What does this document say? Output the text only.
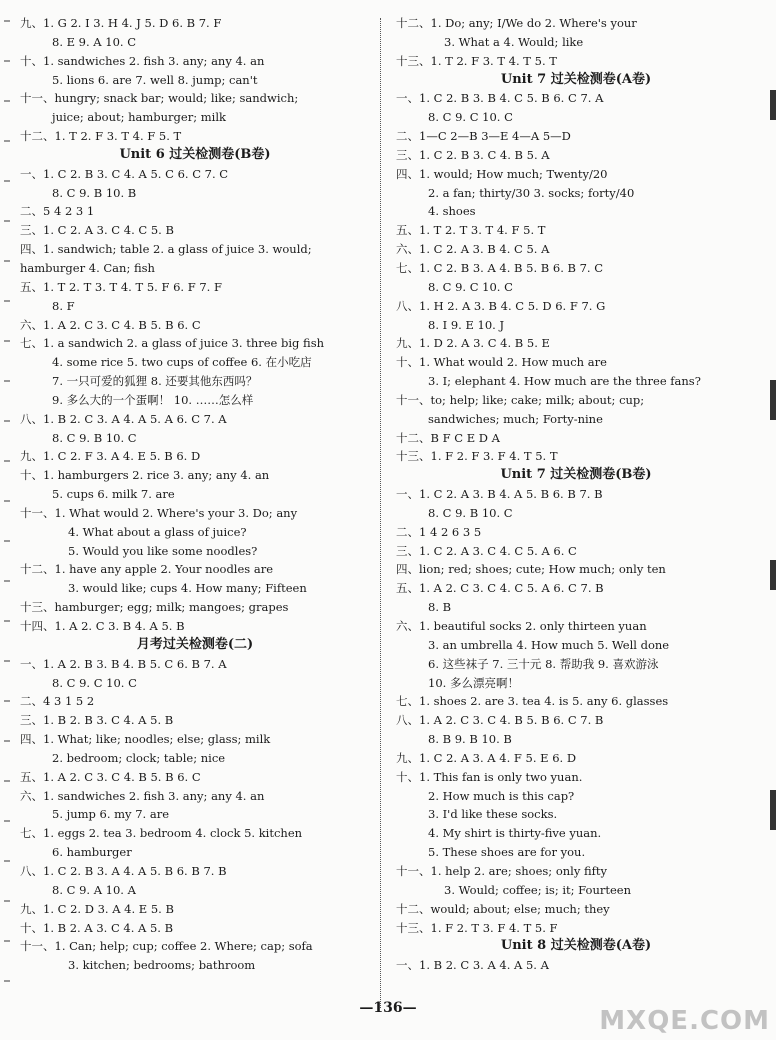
九、1. G 2. I 3. H 4. J 5. D 6. B 7. F
8. E 9. A 10. C
十、1. sandwiches 2. fish 3. any; any 4. an
5. lions 6. are 7. well 8. jump; can't
十一、hungry; snack bar; would; like; sandwich;
juice; about; hamburger; milk
十二、1. T 2. F 3. T 4. F 5. T
Unit 6 过关检测卷(B卷)
一、1. C 2. B 3. C 4. A 5. C 6. C 7. C
8. C 9. B 10. B
二、5 4 2 3 1
三、1. C 2. A 3. C 4. C 5. B
四、1. sandwich; table 2. a glass of juice 3. would;
hamburger 4. Can; fish
五、1. T 2. T 3. T 4. T 5. F 6. F 7. F
8. F
六、1. A 2. C 3. C 4. B 5. B 6. C
七、1. a sandwich 2. a glass of juice 3. three big fish
4. some rice 5. two cups of coffee 6. 在小吃店
7. 一只可爱的狐狸 8. 还要其他东西吗？
9. 多么大的一个蛋啊！ 10. ……怎么样
八、1. B 2. C 3. A 4. A 5. A 6. C 7. A
8. C 9. B 10. C
九、1. C 2. F 3. A 4. E 5. B 6. D
十、1. hamburgers 2. rice 3. any; any 4. an
5. cups 6. milk 7. are
十一、1. What would 2. Where's your 3. Do; any
4. What about a glass of juice?
5. Would you like some noodles?
十二、1. have any apple 2. Your noodles are
3. would like; cups 4. How many; Fifteen
十三、hamburger; egg; milk; mangoes; grapes
十四、1. A 2. C 3. B 4. A 5. B
月考过关检测卷(二)
一、1. A 2. B 3. B 4. B 5. C 6. B 7. A
8. C 9. C 10. C
二、4 3 1 5 2
三、1. B 2. B 3. C 4. A 5. B
四、1. What; like; noodles; else; glass; milk
2. bedroom; clock; table; nice
五、1. A 2. C 3. C 4. B 5. B 6. C
六、1. sandwiches 2. fish 3. any; any 4. an
5. jump 6. my 7. are
七、1. eggs 2. tea 3. bedroom 4. clock 5. kitchen
6. hamburger
八、1. C 2. B 3. A 4. A 5. B 6. B 7. B
8. C 9. A 10. A
九、1. C 2. D 3. A 4. E 5. B
十、1. B 2. A 3. C 4. A 5. B
十一、1. Can; help; cup; coffee 2. Where; cap; sofa
3. kitchen; bedrooms; bathroom
十二、1. Do; any; I/We do 2. Where's your
3. What a 4. Would; like
十三、1. T 2. F 3. T 4. T 5. T
Unit 7 过关检测卷(A卷)
一、1. C 2. B 3. B 4. C 5. B 6. C 7. A
8. C 9. C 10. C
二、1—C 2—B 3—E 4—A 5—D
三、1. C 2. B 3. C 4. B 5. A
四、1. would; How much; Twenty/20
2. a fan; thirty/30 3. socks; forty/40
4. shoes
五、1. T 2. T 3. T 4. F 5. T
六、1. C 2. A 3. B 4. C 5. A
七、1. C 2. B 3. A 4. B 5. B 6. B 7. C
8. C 9. C 10. C
八、1. H 2. A 3. B 4. C 5. D 6. F 7. G
8. I 9. E 10. J
九、1. D 2. A 3. C 4. B 5. E
十、1. What would 2. How much are
3. I; elephant 4. How much are the three fans?
十一、to; help; like; cake; milk; about; cup;
sandwiches; much; Forty-nine
十二、B F C E D A
十三、1. F 2. F 3. F 4. T 5. T
Unit 7 过关检测卷(B卷)
一、1. C 2. A 3. B 4. A 5. B 6. B 7. B
8. C 9. B 10. C
二、1 4 2 6 3 5
三、1. C 2. A 3. C 4. C 5. A 6. C
四、lion; red; shoes; cute; How much; only ten
五、1. A 2. C 3. C 4. C 5. A 6. C 7. B
8. B
六、1. beautiful socks 2. only thirteen yuan
3. an umbrella 4. How much 5. Well done
6. 这些袜子 7. 三十元 8. 帮助我 9. 喜欢游泳
10. 多么漂亮啊！
七、1. shoes 2. are 3. tea 4. is 5. any 6. glasses
八、1. A 2. C 3. C 4. B 5. B 6. C 7. B
8. B 9. B 10. B
九、1. C 2. A 3. A 4. F 5. E 6. D
十、1. This fan is only two yuan.
2. How much is this cap?
3. I'd like these socks.
4. My shirt is thirty-five yuan.
5. These shoes are for you.
十一、1. help 2. are; shoes; only fifty
3. Would; coffee; is; it; Fourteen
十二、would; about; else; much; they
十三、1. F 2. T 3. F 4. T 5. F
Unit 8 过关检测卷(A卷)
一、1. B 2. C 3. A 4. A 5. A
—136—	MXQE.COM
